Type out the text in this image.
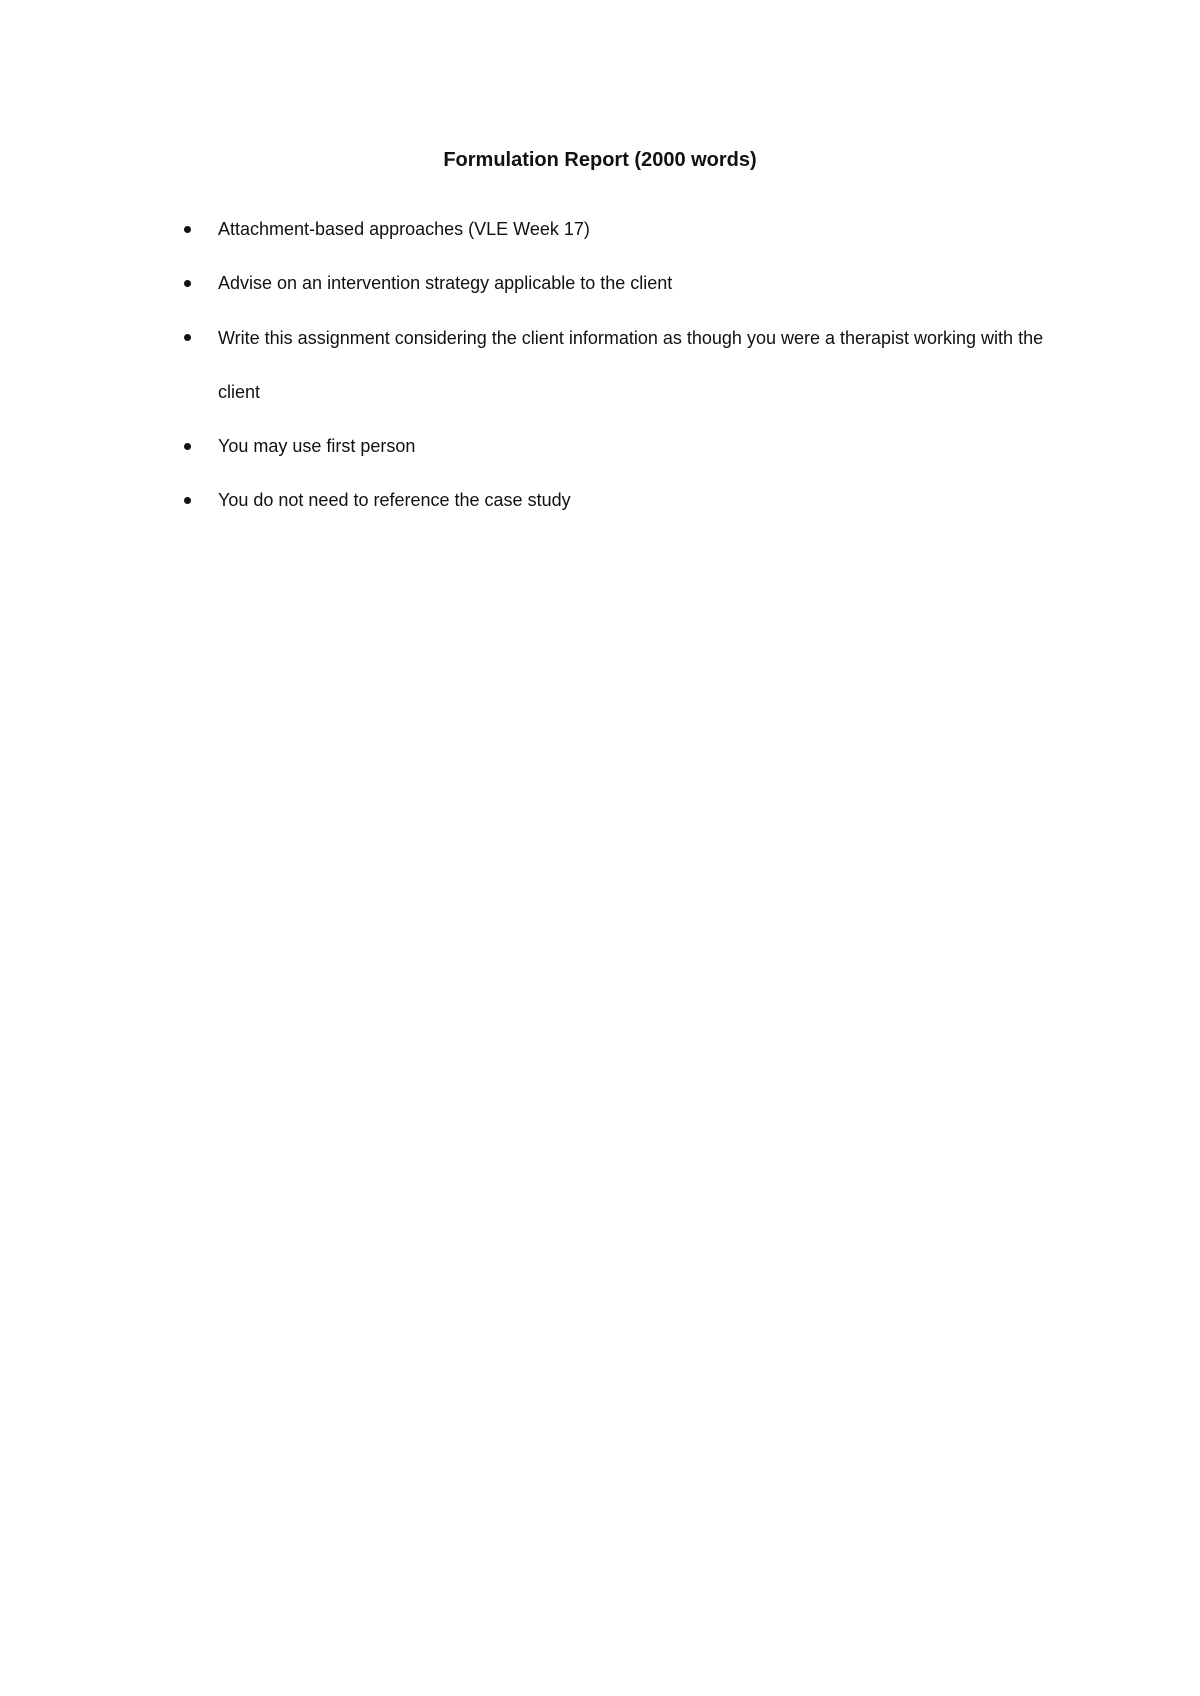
Formulation Report (2000 words)
Attachment-based approaches (VLE Week 17)
Advise on an intervention strategy applicable to the client
Write this assignment considering the client information as though you were a therapist working with the client
You may use first person
You do not need to reference the case study
